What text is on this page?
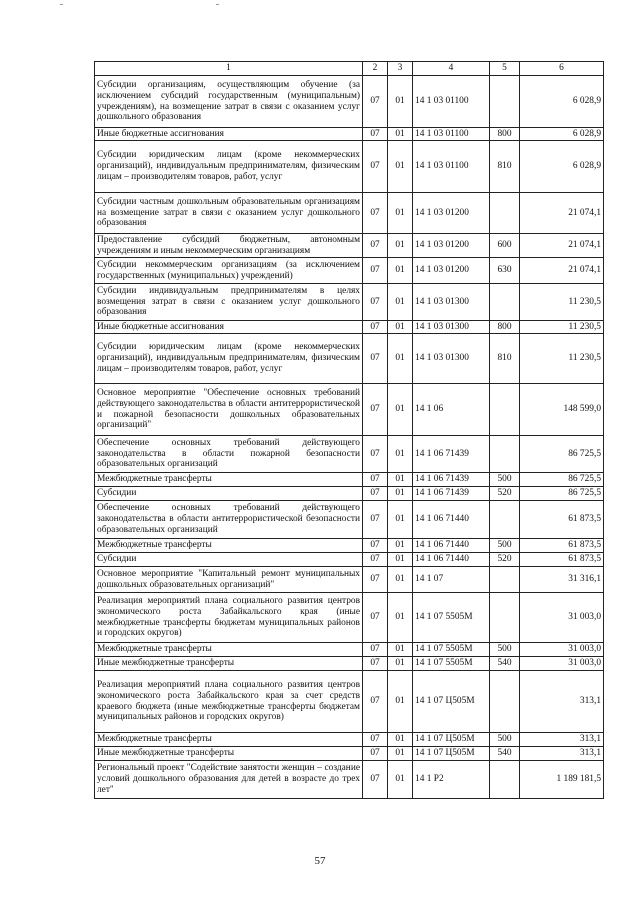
1	2	3	4	5	6
Субсидии организациям, осуществляющим обучение (за исключением субсидий государственным (муниципальным) учреждениям), на возмещение затрат в связи с оказанием услуг дошкольного образования	07	01	14 1 03 01100		6 028,9
Иные бюджетные ассигнования	07	01	14 1 03 01100	800	6 028,9
Субсидии юридическим лицам (кроме некоммерческих организаций), индивидуальным предпринимателям, физическим лицам – производителям товаров, работ, услуг	07	01	14 1 03 01100	810	6 028,9
Субсидии частным дошкольным образовательным организациям на возмещение затрат в связи с оказанием услуг дошкольного образования	07	01	14 1 03 01200		21 074,1
Предоставление субсидий бюджетным, автономным учреждениям и иным некоммерческим организациям	07	01	14 1 03 01200	600	21 074,1
Субсидии некоммерческим организациям (за исключением государственных (муниципальных) учреждений)	07	01	14 1 03 01200	630	21 074,1
Субсидии индивидуальным предпринимателям в целях возмещения затрат в связи с оказанием услуг дошкольного образования	07	01	14 1 03 01300		11 230,5
Иные бюджетные ассигнования	07	01	14 1 03 01300	800	11 230,5
Субсидии юридическим лицам (кроме некоммерческих организаций), индивидуальным предпринимателям, физическим лицам – производителям товаров, работ, услуг	07	01	14 1 03 01300	810	11 230,5
Основное мероприятие "Обеспечение основных требований действующего законодательства в области антитеррористической и пожарной безопасности дошкольных образовательных организаций"	07	01	14 1 06		148 599,0
Обеспечение основных требований действующего законодательства в области пожарной безопасности образовательных организаций	07	01	14 1 06 71439		86 725,5
Межбюджетные трансферты	07	01	14 1 06 71439	500	86 725,5
Субсидии	07	01	14 1 06 71439	520	86 725,5
Обеспечение основных требований действующего законодательства в области антитеррористической безопасности образовательных организаций	07	01	14 1 06 71440		61 873,5
Межбюджетные трансферты	07	01	14 1 06 71440	500	61 873,5
Субсидии	07	01	14 1 06 71440	520	61 873,5
Основное мероприятие "Капитальный ремонт муниципальных дошкольных образовательных организаций"	07	01	14 1 07		31 316,1
Реализация мероприятий плана социального развития центров экономического роста Забайкальского края (иные межбюджетные трансферты бюджетам муниципальных районов и городских округов)	07	01	14 1 07 5505М		31 003,0
Межбюджетные трансферты	07	01	14 1 07 5505М	500	31 003,0
Иные межбюджетные трансферты	07	01	14 1 07 5505М	540	31 003,0
Реализация мероприятий плана социального развития центров экономического роста Забайкальского края за счет средств краевого бюджета (иные межбюджетные трансферты бюджетам муниципальных районов и городских округов)	07	01	14 1 07 Ц505М		313,1
Межбюджетные трансферты	07	01	14 1 07 Ц505М	500	313,1
Иные межбюджетные трансферты	07	01	14 1 07 Ц505М	540	313,1
Региональный проект "Содействие занятости женщин – создание условий дошкольного образования для детей в возрасте до трех лет"	07	01	14 1 Р2		1 189 181,5
57
